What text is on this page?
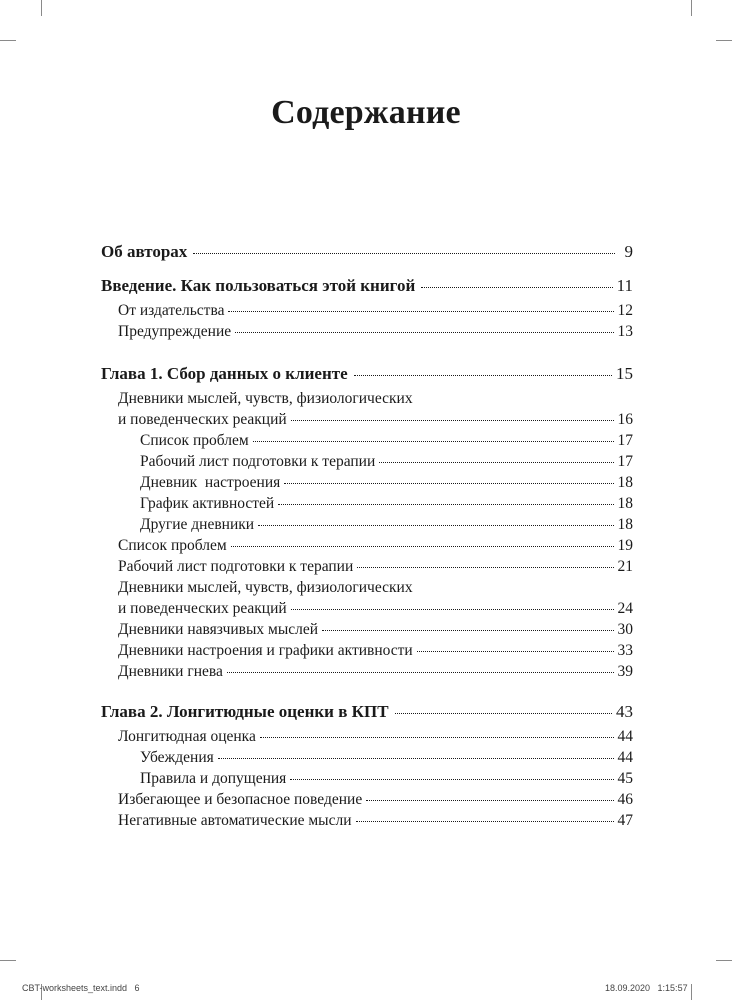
Содержание
Об авторах	9
Введение. Как пользоваться этой книгой	11
От издательства	12
Предупреждение	13
Глава 1. Сбор данных о клиенте	15
Дневники мыслей, чувств, физиологических
и поведенческих реакций	16
Список проблем	17
Рабочий лист подготовки к терапии	17
Дневник  настроения	18
График активностей	18
Другие дневники	18
Список проблем	19
Рабочий лист подготовки к терапии	21
Дневники мыслей, чувств, физиологических
и поведенческих реакций	24
Дневники навязчивых мыслей	30
Дневники настроения и графики активности	33
Дневники гнева	39
Глава 2. Лонгитюдные оценки в КПТ	43
Лонгитюдная оценка	44
Убеждения	44
Правила и допущения	45
Избегающее и безопасное поведение	46
Негативные автоматические мысли	47
CBT-worksheets_text.indd   6	18.09.2020   1:15:57
